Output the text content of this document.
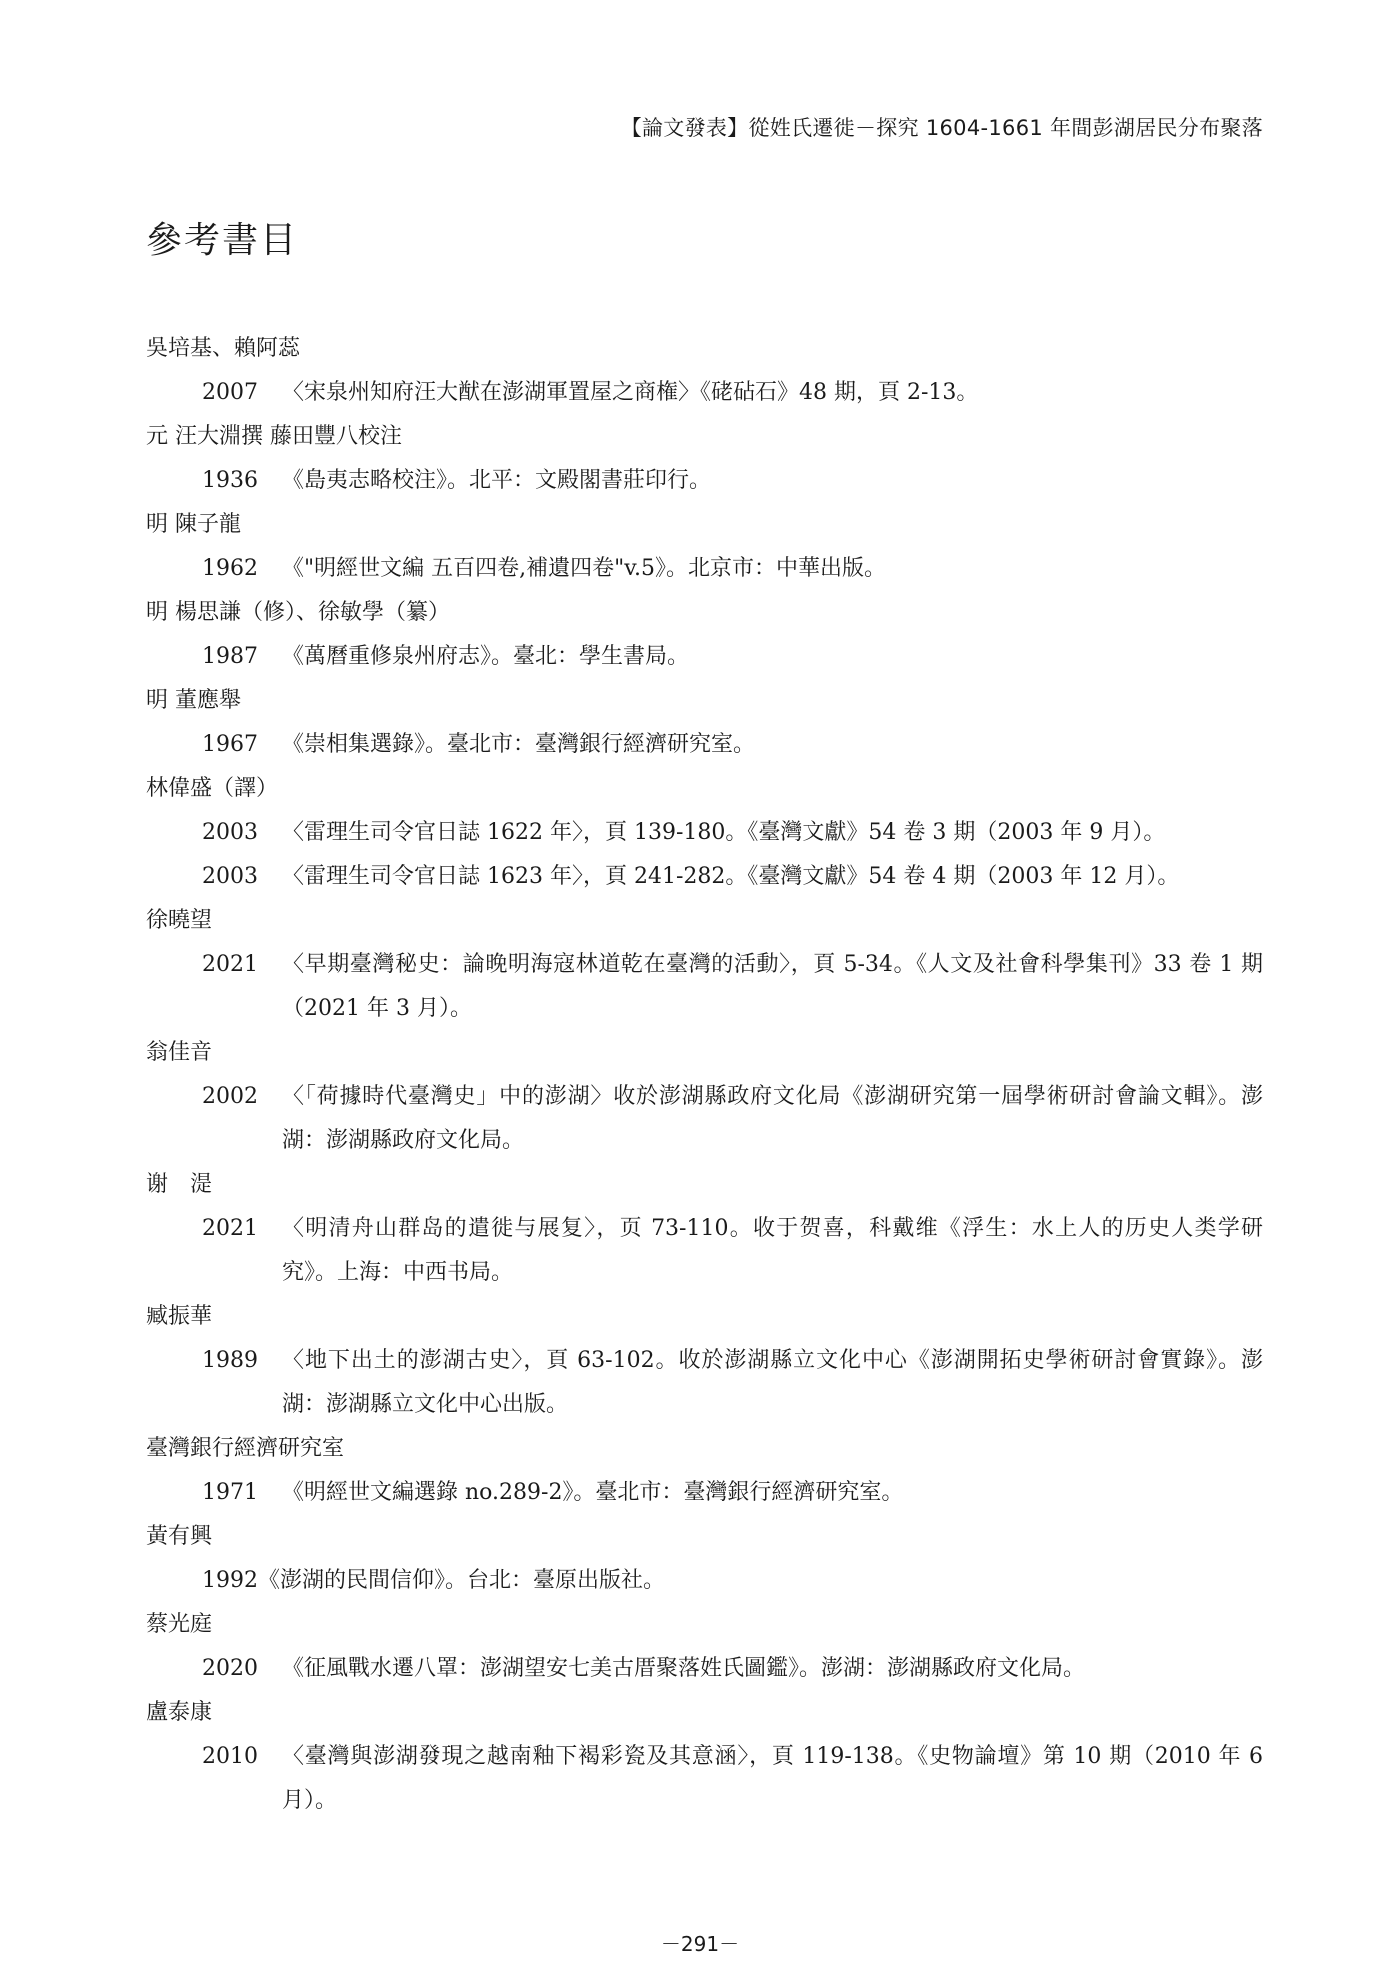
【論文發表】從姓氏遷徙－探究 1604-1661 年間彭湖居民分布聚落
參考書目
吳培基、賴阿蕊
2007	〈宋泉州知府汪大猷在澎湖軍置屋之商権〉《硓砧石》48 期，頁 2-13。
元 汪大淵撰 藤田豐八校注
1936	《島夷志略校注》。北平：文殿閣書莊印行。
明 陳子龍
1962	《"明經世文編 五百四卷,補遺四卷"v.5》。北京市：中華出版。
明 楊思謙（修）、徐敏學（纂）
1987	《萬曆重修泉州府志》。臺北：學生書局。
明 董應舉
1967	《崇相集選錄》。臺北市：臺灣銀行經濟研究室。
林偉盛（譯）
2003	〈雷理生司令官日誌 1622 年〉，頁 139-180。《臺灣文獻》54 卷 3 期（2003 年 9 月）。
2003	〈雷理生司令官日誌 1623 年〉，頁 241-282。《臺灣文獻》54 卷 4 期（2003 年 12 月）。
徐曉望
2021	〈早期臺灣秘史：論晚明海寇林道乾在臺灣的活動〉，頁 5-34。《人文及社會科學集刊》33 卷 1 期（2021 年 3 月）。
翁佳音
2002	〈「荷據時代臺灣史」中的澎湖〉收於澎湖縣政府文化局《澎湖研究第一屆學術研討會論文輯》。澎湖：澎湖縣政府文化局。
谢　湜
2021	〈明清舟山群岛的遣徙与展复〉，页 73-110。收于贺喜，科戴维《浮生：水上人的历史人类学研究》。上海：中西书局。
臧振華
1989	〈地下出土的澎湖古史〉，頁 63-102。收於澎湖縣立文化中心《澎湖開拓史學術研討會實錄》。澎湖：澎湖縣立文化中心出版。
臺灣銀行經濟研究室
1971	《明經世文編選錄 no.289-2》。臺北市：臺灣銀行經濟研究室。
黃有興
1992 《澎湖的民間信仰》。台北：臺原出版社。
蔡光庭
2020	《征風戰水遷八罩：澎湖望安七美古厝聚落姓氏圖鑑》。澎湖：澎湖縣政府文化局。
盧泰康
2010	〈臺灣與澎湖發現之越南釉下褐彩瓷及其意涵〉，頁 119-138。《史物論壇》第 10 期（2010 年 6 月）。
－291－
